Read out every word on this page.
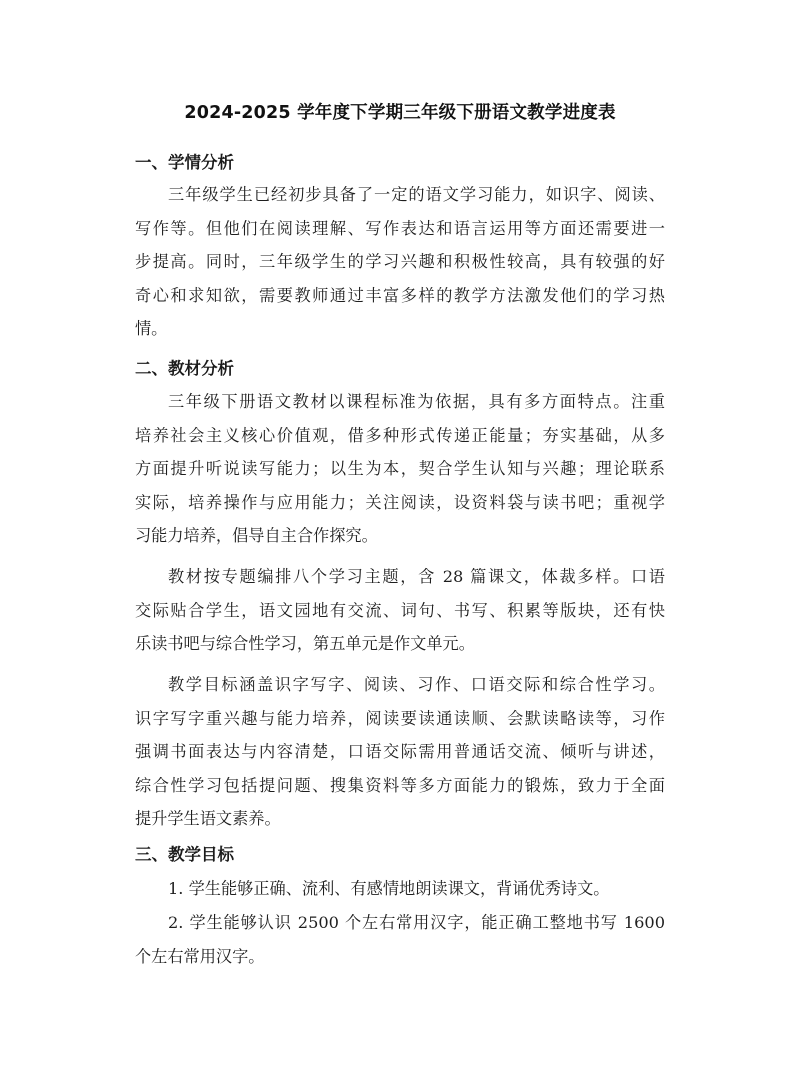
2024-2025 学年度下学期三年级下册语文教学进度表
一、学情分析
三年级学生已经初步具备了一定的语文学习能力，如识字、阅读、
写作等。但他们在阅读理解、写作表达和语言运用等方面还需要进一
步提高。同时，三年级学生的学习兴趣和积极性较高，具有较强的好
奇心和求知欲，需要教师通过丰富多样的教学方法激发他们的学习热
情。
二、教材分析
三年级下册语文教材以课程标准为依据，具有多方面特点。注重
培养社会主义核心价值观，借多种形式传递正能量；夯实基础，从多
方面提升听说读写能力；以生为本，契合学生认知与兴趣；理论联系
实际，培养操作与应用能力；关注阅读，设资料袋与读书吧；重视学
习能力培养，倡导自主合作探究。
教材按专题编排八个学习主题，含 28 篇课文，体裁多样。口语
交际贴合学生，语文园地有交流、词句、书写、积累等版块，还有快
乐读书吧与综合性学习，第五单元是作文单元。
教学目标涵盖识字写字、阅读、习作、口语交际和综合性学习。
识字写字重兴趣与能力培养，阅读要读通读顺、会默读略读等，习作
强调书面表达与内容清楚，口语交际需用普通话交流、倾听与讲述，
综合性学习包括提问题、搜集资料等多方面能力的锻炼，致力于全面
提升学生语文素养。
三、教学目标
1. 学生能够正确、流利、有感情地朗读课文，背诵优秀诗文。
2. 学生能够认识 2500 个左右常用汉字，能正确工整地书写 1600
个左右常用汉字。
